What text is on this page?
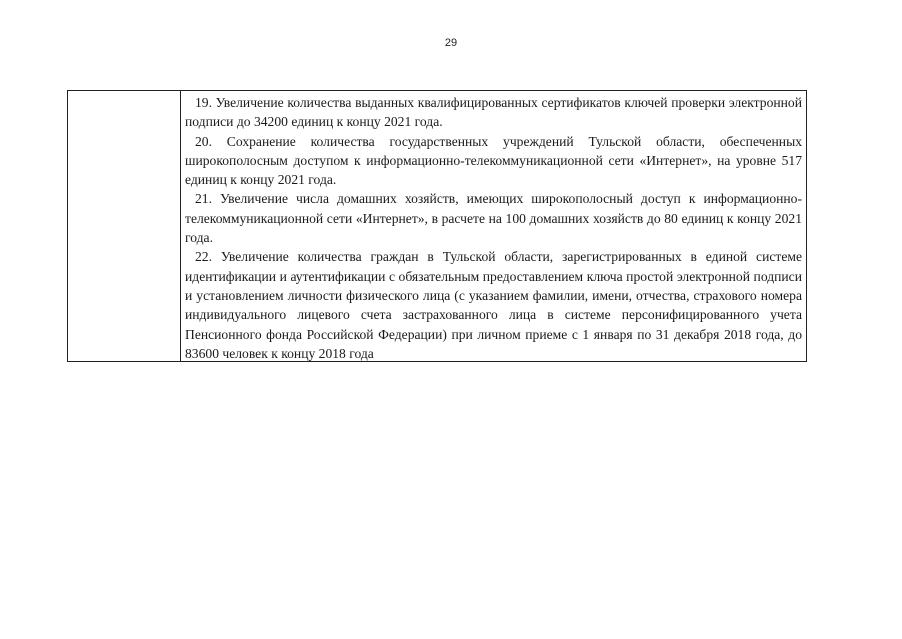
29

19. Увеличение количества выданных квалифицированных сертификатов ключей проверки электронной подписи до 34200 единиц к концу 2021 года.

20. Сохранение количества государственных учреждений Тульской области, обеспеченных широкополосным доступом к информационно-телекоммуникационной сети «Интернет», на уровне 517 единиц к концу 2021 года.

21. Увеличение числа домашних хозяйств, имеющих широкополосный доступ к информационно-телекоммуникационной сети «Интернет», в расчете на 100 домашних хозяйств до 80 единиц к концу 2021 года.

22. Увеличение количества граждан в Тульской области, зарегистрированных в единой системе идентификации и аутентификации с обязательным предоставлением ключа простой электронной подписи и установлением личности физического лица (с указанием фамилии, имени, отчества, страхового номера индивидуального лицевого счета застрахованного лица в системе персонифицированного учета Пенсионного фонда Российской Федерации) при личном приеме с 1 января по 31 декабря 2018 года, до 83600 человек к концу 2018 года
